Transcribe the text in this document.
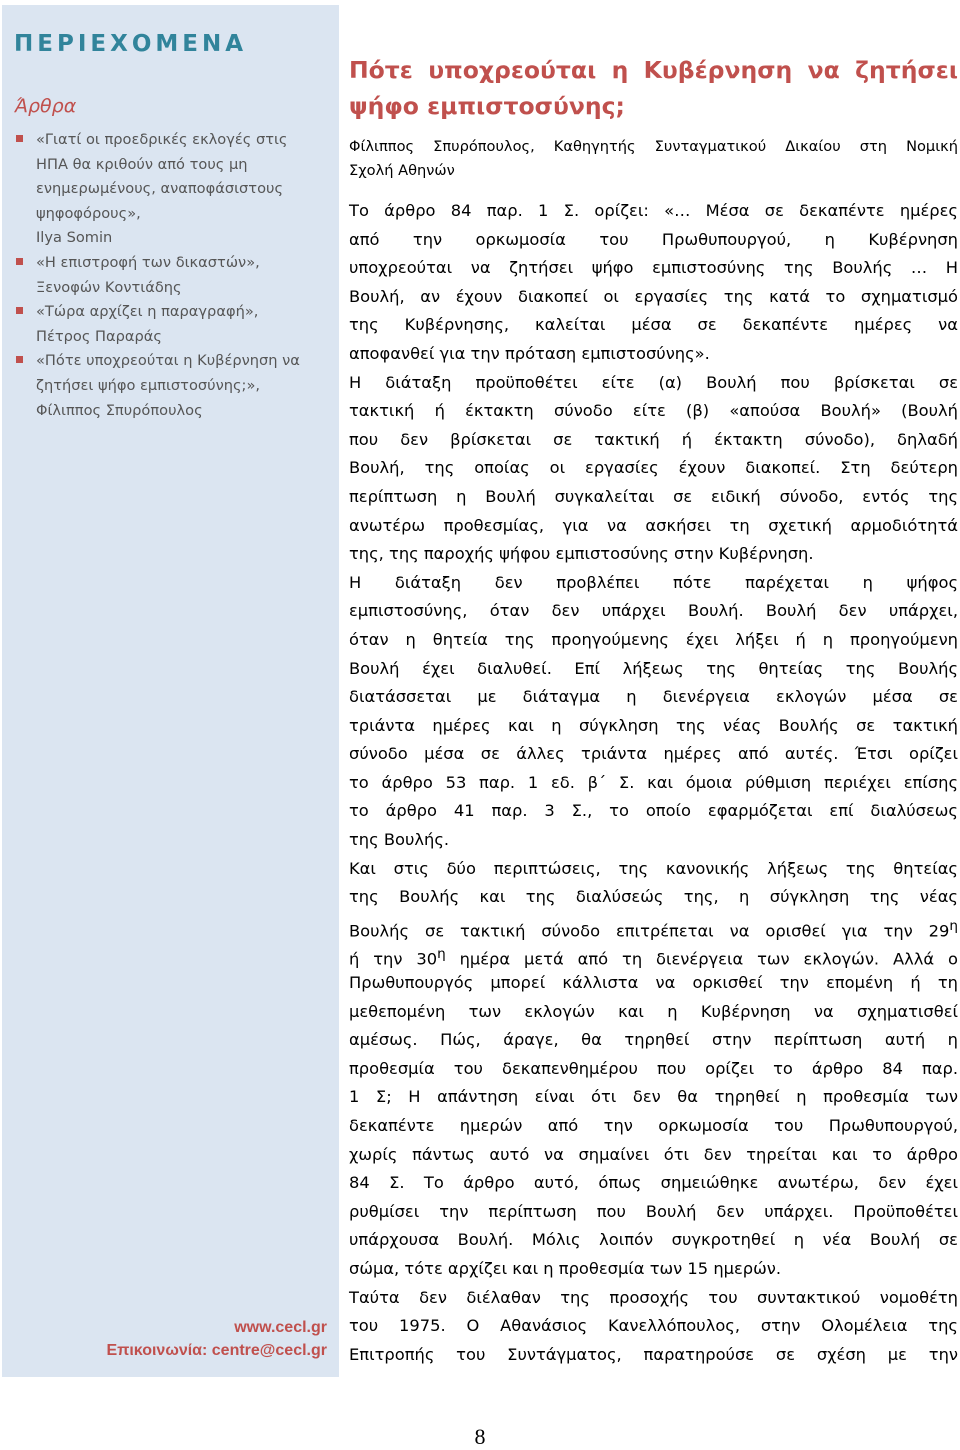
ΠΕΡΙΕΧΟΜΕΝΑ
Άρθρα
«Γιατί οι προεδρικές εκλογές στις
ΗΠΑ θα κριθούν από τους μη
ενημερωμένους, αναποφάσιστους
ψηφοφόρους»,
Ilya Somin
«Η επιστροφή των δικαστών»,
Ξενοφών Κοντιάδης
«Τώρα αρχίζει η παραγραφή»,
Πέτρος Παραράς
«Πότε υποχρεούται η Κυβέρνηση να
ζητήσει ψήφο εμπιστοσύνης;»,
Φίλιππος Σπυρόπουλος
www.cecl.gr
Επικοινωνία: centre@cecl.gr
Πότε υποχρεούται η Κυβέρνηση να ζητήσει
ψήφο εμπιστοσύνης;

Φίλιππος Σπυρόπουλος, Καθηγητής Συνταγματικού Δικαίου στη Νομική
Σχολή Αθηνών

Το άρθρο 84 παρ. 1 Σ. ορίζει: «… Μέσα σε δεκαπέντε ημέρες
από την ορκωμοσία του Πρωθυπουργού, η Κυβέρνηση
υποχρεούται να ζητήσει ψήφο εμπιστοσύνης της Βουλής … Η
Βουλή, αν έχουν διακοπεί οι εργασίες της κατά το σχηματισμό
της Κυβέρνησης, καλείται μέσα σε δεκαπέντε ημέρες να
αποφανθεί για την πρόταση εμπιστοσύνης».
Η διάταξη προϋποθέτει είτε (α) Βουλή που βρίσκεται σε
τακτική ή έκτακτη σύνοδο είτε (β) «απούσα Βουλή» (Βουλή
που δεν βρίσκεται σε τακτική ή έκτακτη σύνοδο), δηλαδή
Βουλή, της οποίας οι εργασίες έχουν διακοπεί. Στη δεύτερη
περίπτωση η Βουλή συγκαλείται σε ειδική σύνοδο, εντός της
ανωτέρω προθεσμίας, για να ασκήσει τη σχετική αρμοδιότητά
της, της παροχής ψήφου εμπιστοσύνης στην Κυβέρνηση.
Η διάταξη δεν προβλέπει πότε παρέχεται η ψήφος
εμπιστοσύνης, όταν δεν υπάρχει Βουλή. Βουλή δεν υπάρχει,
όταν η θητεία της προηγούμενης έχει λήξει ή η προηγούμενη
Βουλή έχει διαλυθεί. Επί λήξεως της θητείας της Βουλής
διατάσσεται με διάταγμα η διενέργεια εκλογών μέσα σε
τριάντα ημέρες και η σύγκληση της νέας Βουλής σε τακτική
σύνοδο μέσα σε άλλες τριάντα ημέρες από αυτές. Έτσι ορίζει
το άρθρο 53 παρ. 1 εδ. β΄ Σ. και όμοια ρύθμιση περιέχει επίσης
το άρθρο 41 παρ. 3 Σ., το οποίο εφαρμόζεται επί διαλύσεως
της Βουλής.
Και στις δύο περιπτώσεις, της κανονικής λήξεως της θητείας
της Βουλής και της διαλύσεώς της, η σύγκληση της νέας
Βουλής σε τακτική σύνοδο επιτρέπεται να ορισθεί για την $29^\eta$
ή την $30^\eta$ ημέρα μετά από τη διενέργεια των εκλογών. Αλλά ο
Πρωθυπουργός μπορεί κάλλιστα να ορκισθεί την επομένη ή τη
μεθεπομένη των εκλογών και η Κυβέρνηση να σχηματισθεί
αμέσως. Πώς, άραγε, θα τηρηθεί στην περίπτωση αυτή η
προθεσμία του δεκαπενθημέρου που ορίζει το άρθρο 84 παρ.
1 Σ; Η απάντηση είναι ότι δεν θα τηρηθεί η προθεσμία των
δεκαπέντε ημερών από την ορκωμοσία του Πρωθυπουργού,
χωρίς πάντως αυτό να σημαίνει ότι δεν τηρείται και το άρθρο
84 Σ. Το άρθρο αυτό, όπως σημειώθηκε ανωτέρω, δεν έχει
ρυθμίσει την περίπτωση που Βουλή δεν υπάρχει. Προϋποθέτει
υπάρχουσα Βουλή. Μόλις λοιπόν συγκροτηθεί η νέα Βουλή σε
σώμα, τότε αρχίζει και η προθεσμία των 15 ημερών.
Ταύτα δεν διέλαθαν της προσοχής του συντακτικού νομοθέτη
του 1975. Ο Αθανάσιος Κανελλόπουλος, στην Ολομέλεια της
Επιτροπής του Συντάγματος, παρατηρούσε σε σχέση με την
8
